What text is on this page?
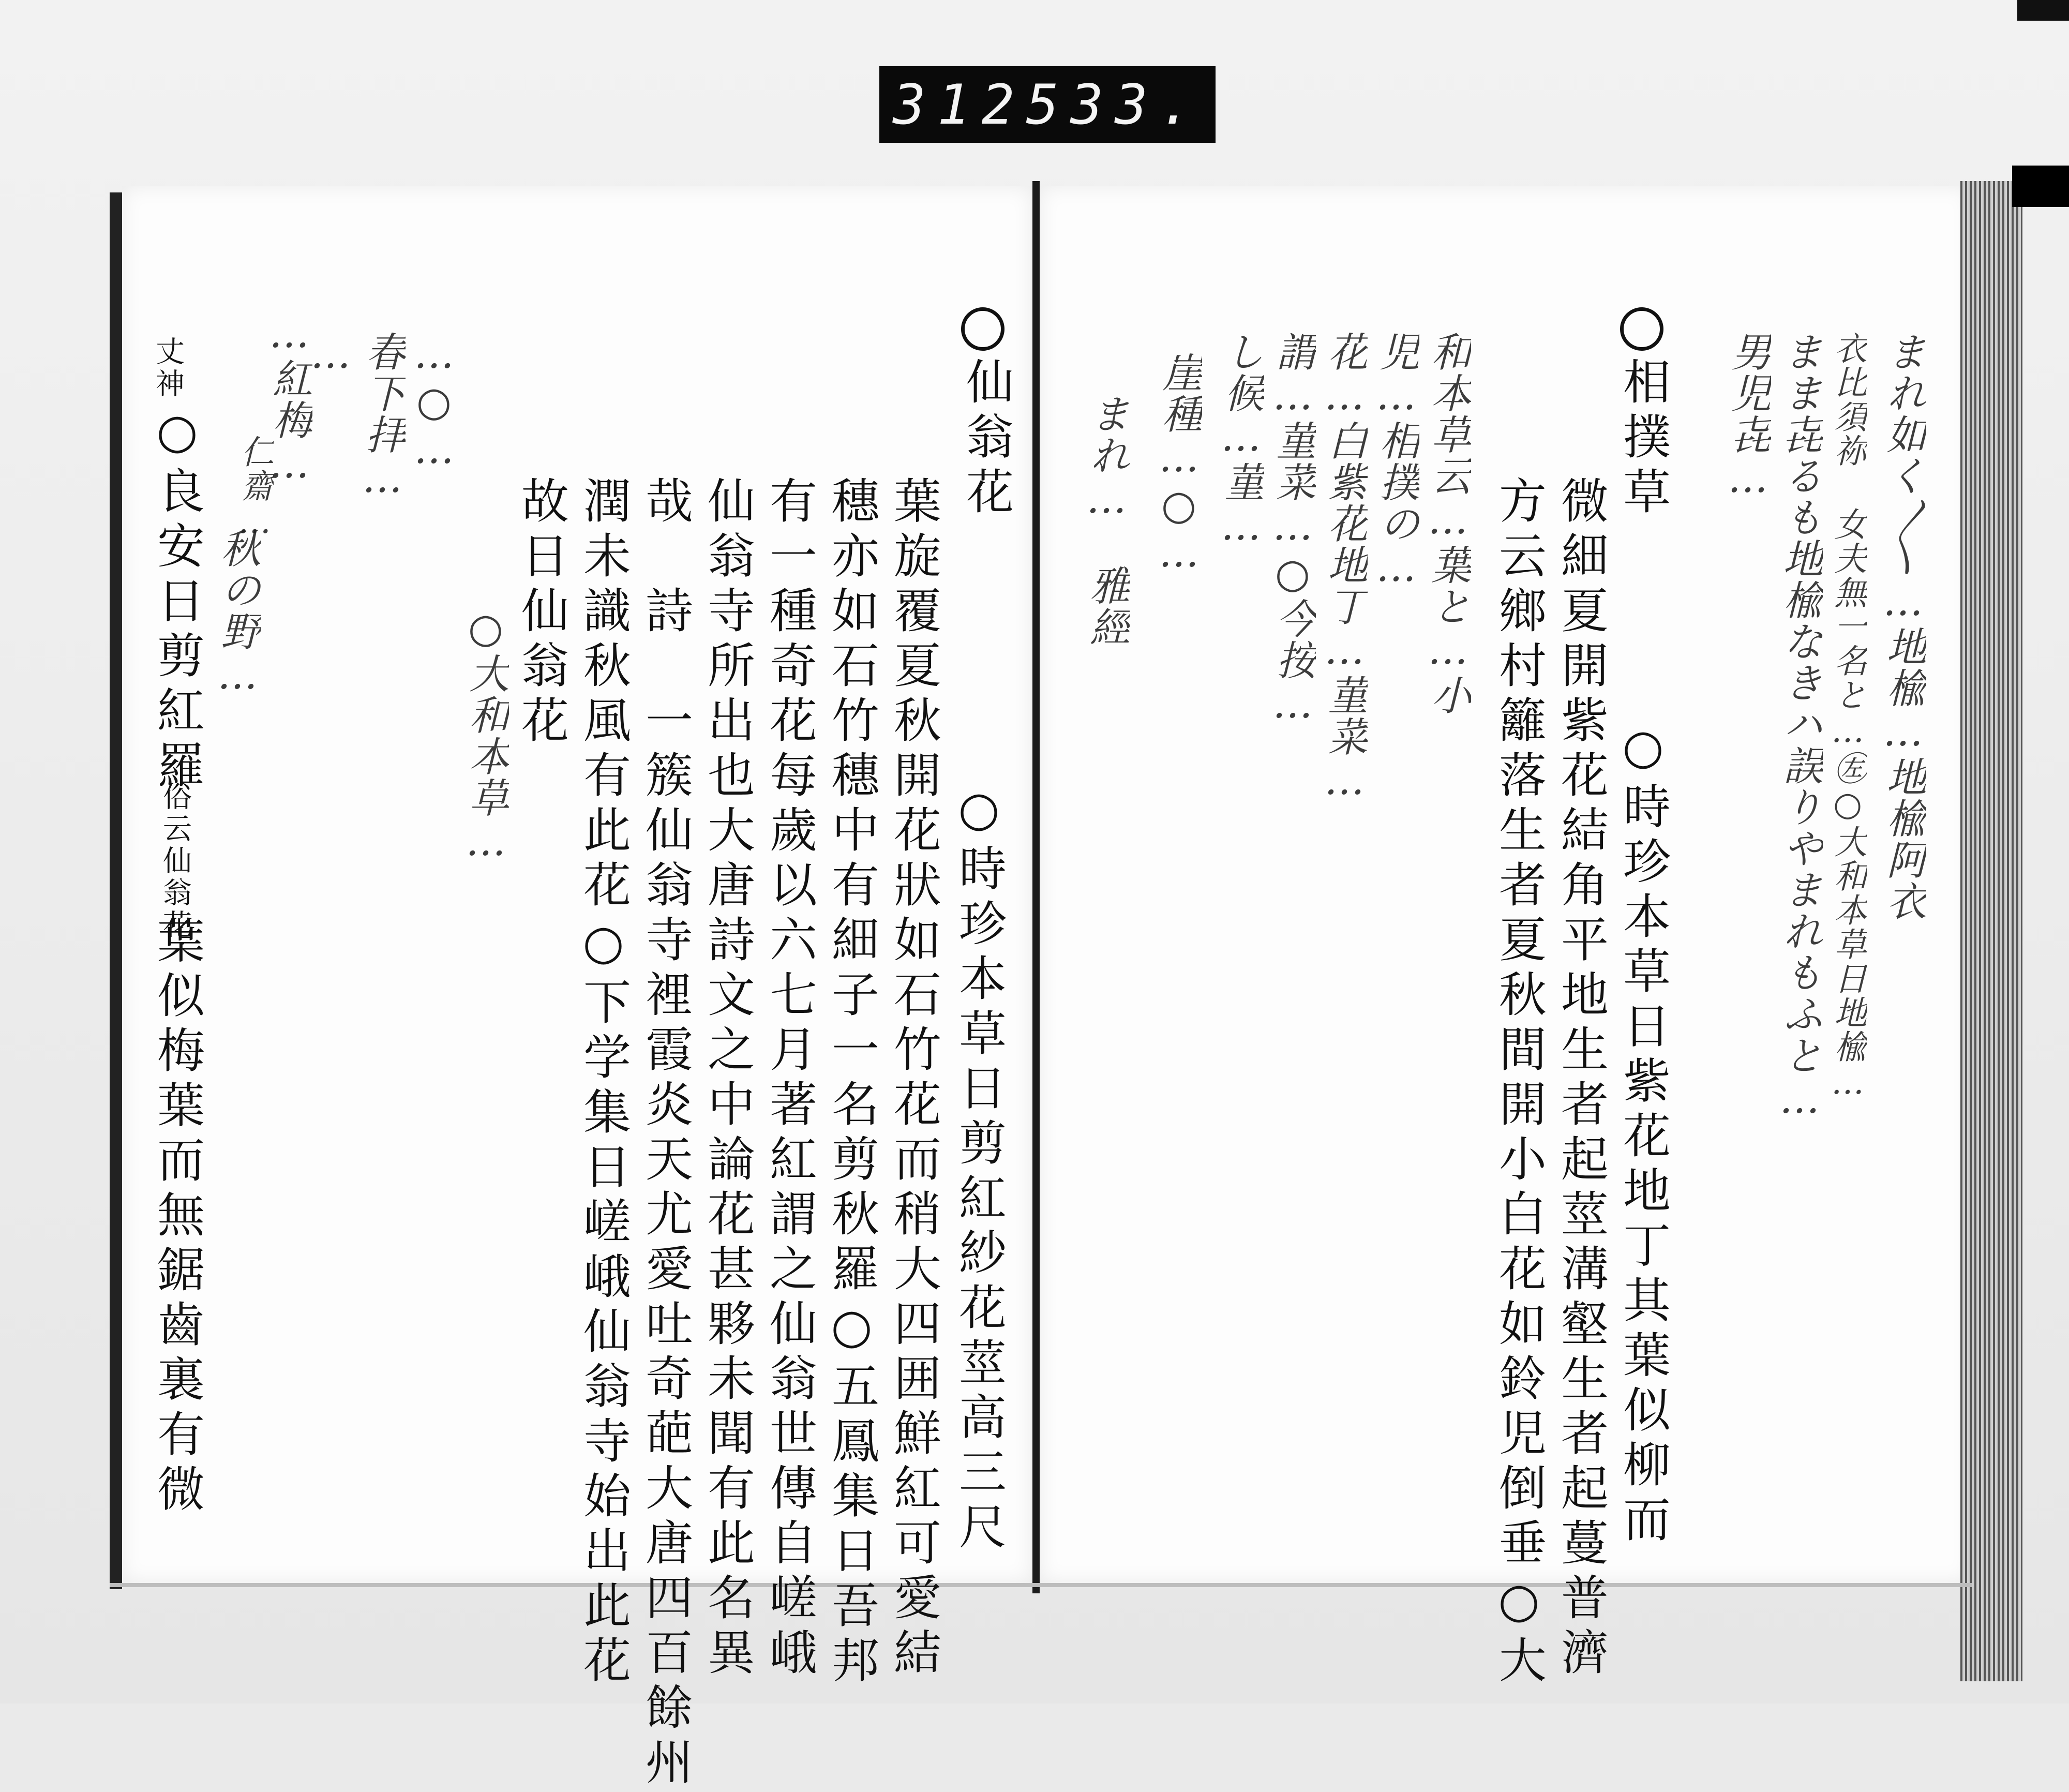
312 533.
まれ如く〱…地楡…地楡阿衣
衣比須祢 女夫無一名と…㊧○大和本草日地楡…
まま㐂るも地楡なきハ誤りやまれもふと…
男児㐂…
相撲草
○時珍本草日紫花地丁其葉似柳而
微細夏開紫花結角平地生者起莖溝壑生者起蔓普濟
方云鄉村籬落生者夏秋間開小白花如鈴児倒垂○大
和本草云…葉と…小
児…相撲の…
花…白紫花地丁…菫菜…
謂…菫菜…○今按…
し候…菫…
崖種…○…
まれ…　雅經
仙翁花
○時珍本草日剪紅紗花莖高三尺
葉旋覆夏秋開花狀如石竹花而稍大四囲鮮紅可愛結
穗亦如石竹穗中有細子一名剪秋羅○五鳳集日吾邦
有一種奇花每歲以六七月著紅謂之仙翁世傳自嵯峨
仙翁寺所出也大唐詩文之中論花甚夥未聞有此名異
哉　詩　一簇仙翁寺裡霞炎天尤愛吐奇葩大唐四百餘州
潤未識秋風有此花○下学集日嵯峨仙翁寺始出此花
故日仙翁花
○大和本草…
…○…
春下拝…
…
…紅梅…
仁齋…
秋の野…
丈神
○良安日剪紅羅
俗云仙翁花
葉似梅葉而無鋸齒裏有微
